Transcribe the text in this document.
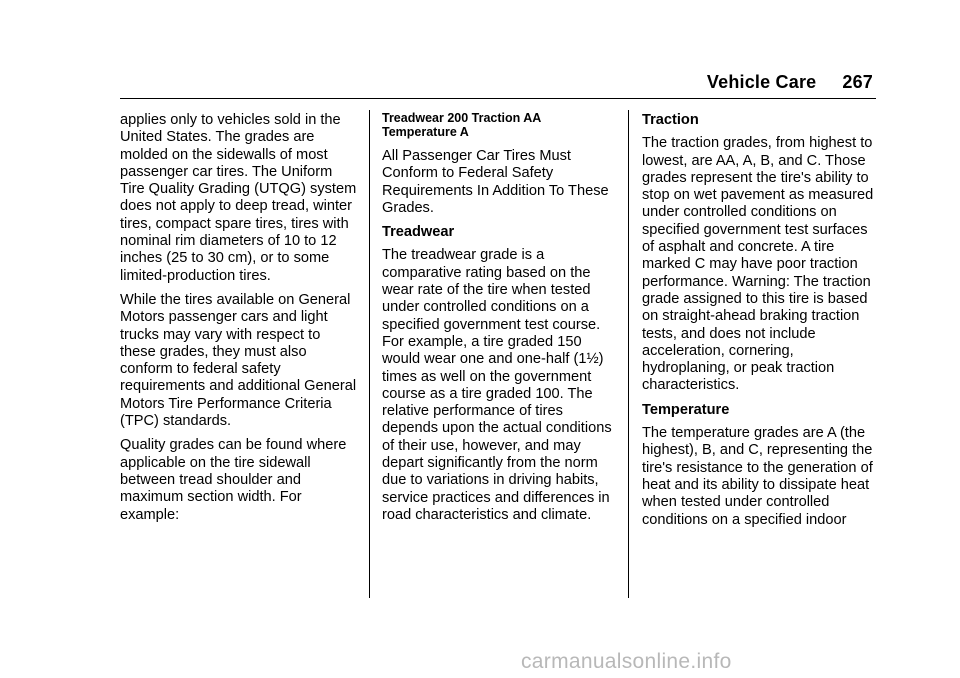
Vehicle Care 267

applies only to vehicles sold in the United States. The grades are molded on the sidewalls of most passenger car tires. The Uniform Tire Quality Grading (UTQG) system does not apply to deep tread, winter tires, compact spare tires, tires with nominal rim diameters of 10 to 12 inches (25 to 30 cm), or to some limited-production tires.

While the tires available on General Motors passenger cars and light trucks may vary with respect to these grades, they must also conform to federal safety requirements and additional General Motors Tire Performance Criteria (TPC) standards.

Quality grades can be found where applicable on the tire sidewall between tread shoulder and maximum section width. For example:

Treadwear 200 Traction AA Temperature A

All Passenger Car Tires Must Conform to Federal Safety Requirements In Addition To These Grades.

Treadwear

The treadwear grade is a comparative rating based on the wear rate of the tire when tested under controlled conditions on a specified government test course. For example, a tire graded 150 would wear one and one-half (1½) times as well on the government course as a tire graded 100. The relative performance of tires depends upon the actual conditions of their use, however, and may depart significantly from the norm due to variations in driving habits, service practices and differences in road characteristics and climate.

Traction

The traction grades, from highest to lowest, are AA, A, B, and C. Those grades represent the tire's ability to stop on wet pavement as measured under controlled conditions on specified government test surfaces of asphalt and concrete. A tire marked C may have poor traction performance. Warning: The traction grade assigned to this tire is based on straight-ahead braking traction tests, and does not include acceleration, cornering, hydroplaning, or peak traction characteristics.

Temperature

The temperature grades are A (the highest), B, and C, representing the tire's resistance to the generation of heat and its ability to dissipate heat when tested under controlled conditions on a specified indoor

carmanualsonline.info
